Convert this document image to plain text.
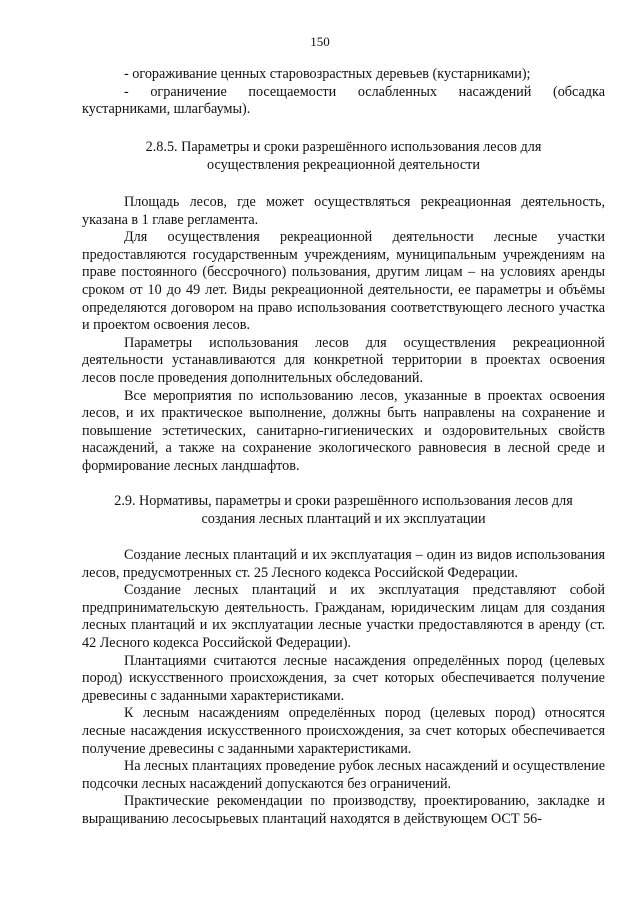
150

- огораживание ценных старовозрастных деревьев (кустарниками);

- ограничение посещаемости ослабленных насаждений (обсадка кустарниками, шлагбаумы).

2.8.5. Параметры и сроки разрешённого использования лесов для осуществления рекреационной деятельности

Площадь лесов, где может осуществляться рекреационная деятельность, указана в 1 главе регламента.

Для осуществления рекреационной деятельности лесные участки предоставляются государственным учреждениям, муниципальным учреждениям на праве постоянного (бессрочного) пользования, другим лицам – на условиях аренды сроком от 10 до 49 лет. Виды рекреационной деятельности, ее параметры и объёмы определяются договором на право использования соответствующего лесного участка и проектом освоения лесов.

Параметры использования лесов для осуществления рекреационной деятельности устанавливаются для конкретной территории в проектах освоения лесов после проведения дополнительных обследований.

Все мероприятия по использованию лесов, указанные в проектах освоения лесов, и их практическое выполнение, должны быть направлены на сохранение и повышение эстетических, санитарно-гигиенических и оздоровительных свойств насаждений, а также на сохранение экологического равновесия в лесной среде и формирование лесных ландшафтов.

2.9. Нормативы, параметры и сроки разрешённого использования лесов для создания лесных плантаций и их эксплуатации

Создание лесных плантаций и их эксплуатация – один из видов использования лесов, предусмотренных ст. 25 Лесного кодекса Российской Федерации.

Создание лесных плантаций и их эксплуатация представляют собой предпринимательскую деятельность. Гражданам, юридическим лицам для создания лесных плантаций и их эксплуатации лесные участки предоставляются в аренду (ст. 42 Лесного кодекса Российской Федерации).

Плантациями считаются лесные насаждения определённых пород (целевых пород) искусственного происхождения, за счет которых обеспечивается получение древесины с заданными характеристиками.

К лесным насаждениям определённых пород (целевых пород) относятся лесные насаждения искусственного происхождения, за счет которых обеспечивается получение древесины с заданными характеристиками.

На лесных плантациях проведение рубок лесных насаждений и осуществление подсочки лесных насаждений допускаются без ограничений.

Практические рекомендации по производству, проектированию, закладке и выращиванию лесосырьевых плантаций находятся в действующем ОСТ 56-
